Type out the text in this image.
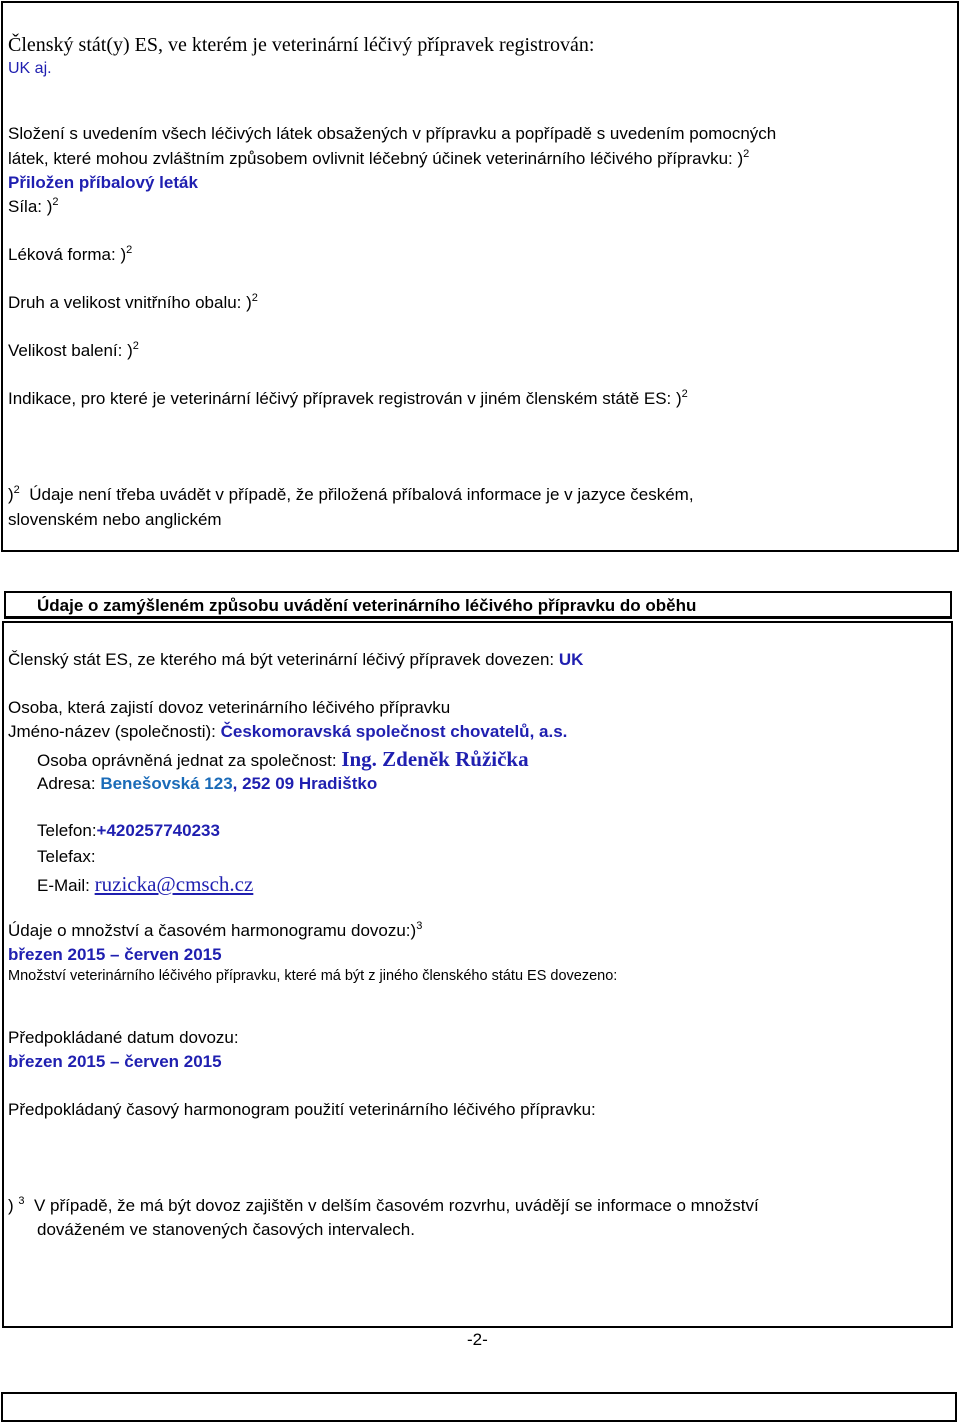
Členský stát(y) ES, ve kterém je veterinární léčivý přípravek registrován:
UK aj.
Složení s uvedením všech léčivých látek obsažených v přípravku a popřípadě s uvedením pomocných
látek, které mohou zvláštním způsobem ovlivnit léčebný účinek veterinárního léčivého přípravku: )$^2$
Přiložen příbalový leták
Síla: )$^2$
Léková forma: )$^2$
Druh a velikost vnitřního obalu: )$^2$
Velikost balení: )$^2$
Indikace, pro které je veterinární léčivý přípravek registrován v jiném členském státě ES: )$^2$
)$^2$ Údaje není třeba uvádět v případě, že přiložená příbalová informace je v jazyce českém,
slovenském nebo anglickém
Údaje o zamýšleném způsobu uvádění veterinárního léčivého přípravku do oběhu
Členský stát ES, ze kterého má být veterinární léčivý přípravek dovezen: UK
Osoba, která zajistí dovoz veterinárního léčivého přípravku
Jméno-název (společnosti): Českomoravská společnost chovatelů, a.s.
Osoba oprávněná jednat za společnost: Ing. Zdeněk Růžička
Adresa: Benešovská 123, 252 09 Hradištko
Telefon:+420257740233
Telefax:
E-Mail: ruzicka@cmsch.cz
Údaje o množství a časovém harmonogramu dovozu:)$^3$
březen 2015 – červen 2015
Množství veterinárního léčivého přípravku, které má být z jiného členského státu ES dovezeno:
Předpokládané datum dovozu:
březen 2015 – červen 2015
Předpokládaný časový harmonogram použití veterinárního léčivého přípravku:
) $^3$ V případě, že má být dovoz zajištěn v delším časovém rozvrhu, uvádějí se informace o množství
dováženém ve stanovených časových intervalech.
-2-
